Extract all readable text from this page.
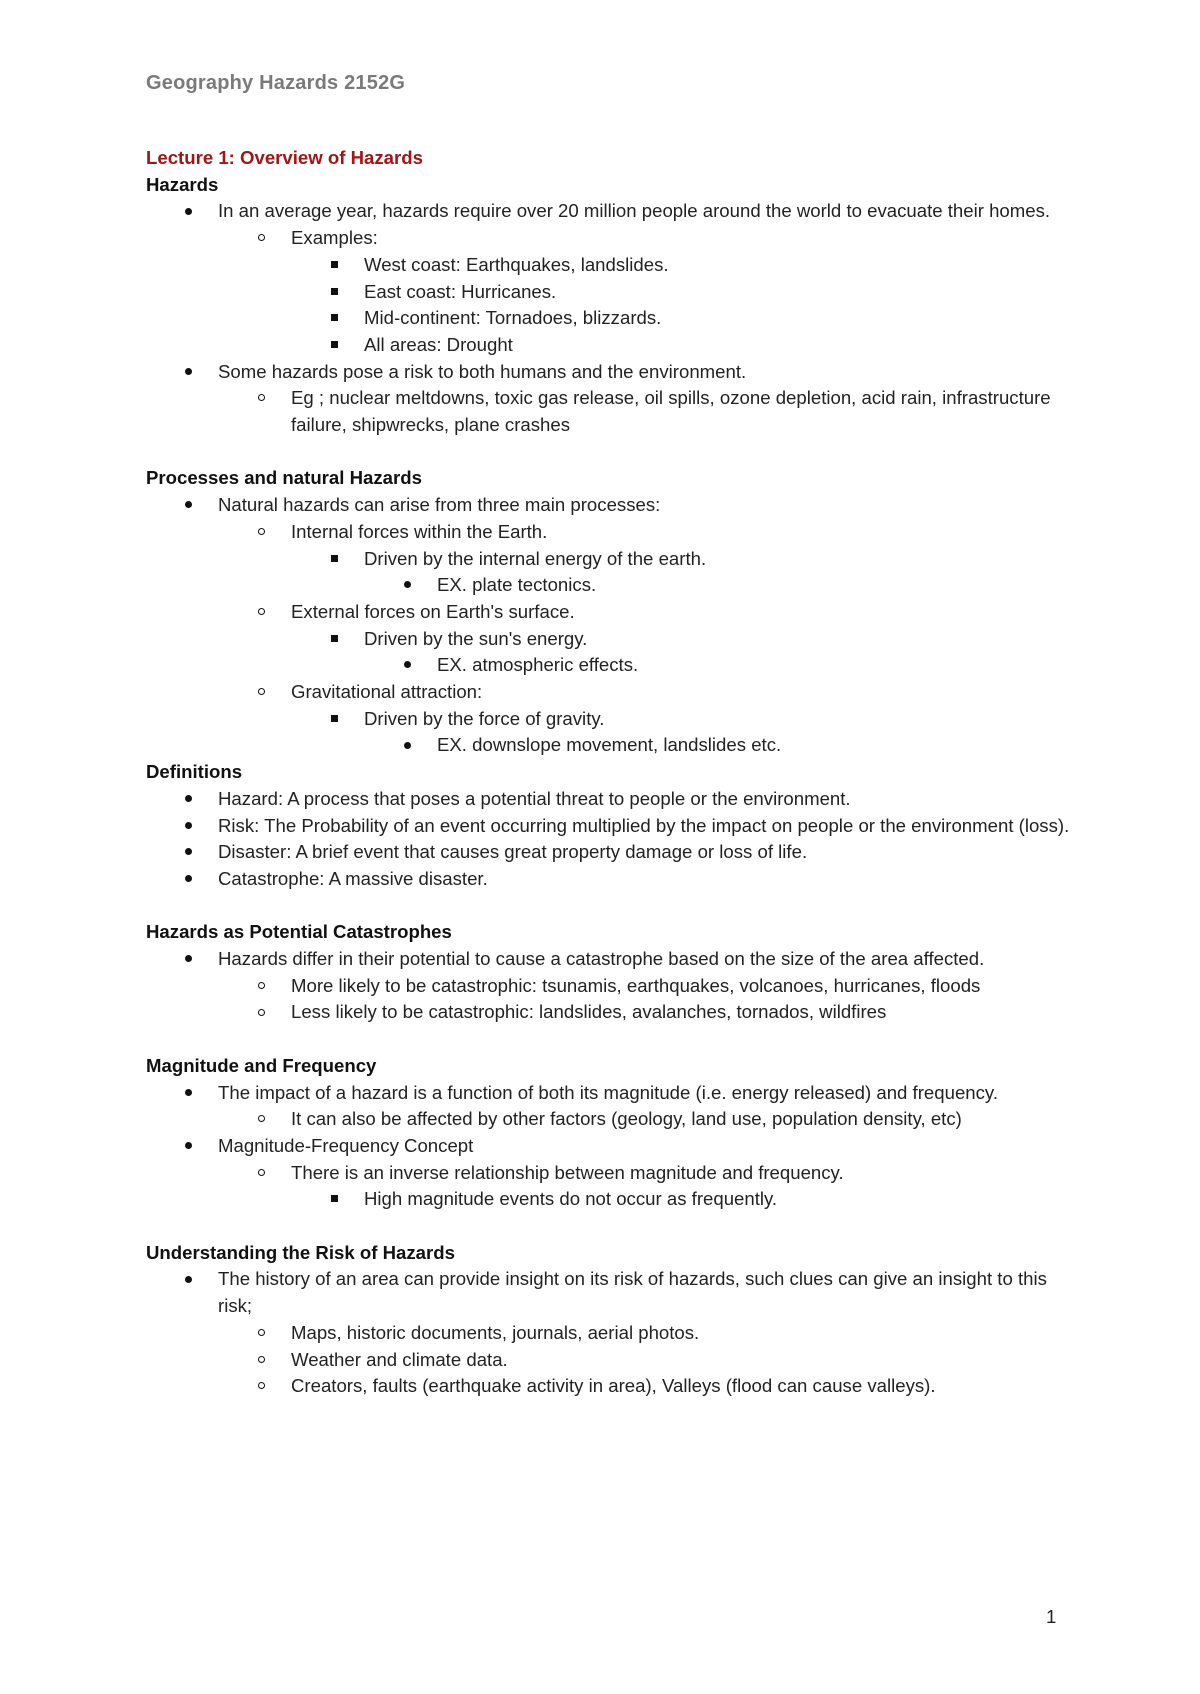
Geography Hazards 2152G
Lecture 1: Overview of Hazards
Hazards
In an average year, hazards require over 20 million people around the world to evacuate their homes.
Examples:
West coast: Earthquakes, landslides.
East coast: Hurricanes.
Mid-continent: Tornadoes, blizzards.
All areas: Drought
Some hazards pose a risk to both humans and the environment.
Eg ; nuclear meltdowns, toxic gas release, oil spills, ozone depletion, acid rain, infrastructure failure, shipwrecks, plane crashes
Processes and natural Hazards
Natural hazards can arise from three main processes:
Internal forces within the Earth.
Driven by the internal energy of the earth.
EX. plate tectonics.
External forces on Earth's surface.
Driven by the sun's energy.
EX. atmospheric effects.
Gravitational attraction:
Driven by the force of gravity.
EX. downslope movement, landslides etc.
Definitions
Hazard: A process that poses a potential threat to people or the environment.
Risk: The Probability of an event occurring multiplied by the impact on people or the environment (loss).
Disaster: A brief event that causes great property damage or loss of life.
Catastrophe: A massive disaster.
Hazards as Potential Catastrophes
Hazards differ in their potential to cause a catastrophe based on the size of the area affected.
More likely to be catastrophic: tsunamis, earthquakes, volcanoes, hurricanes, floods
Less likely to be catastrophic: landslides, avalanches, tornados, wildfires
Magnitude and Frequency
The impact of a hazard is a function of both its magnitude (i.e. energy released) and frequency.
It can also be affected by other factors (geology, land use, population density, etc)
Magnitude-Frequency Concept
There is an inverse relationship between magnitude and frequency.
High magnitude events do not occur as frequently.
Understanding the Risk of Hazards
The history of an area can provide insight on its risk of hazards, such clues can give an insight to this risk;
Maps, historic documents, journals, aerial photos.
Weather and climate data.
Creators, faults (earthquake activity in area), Valleys (flood can cause valleys).
1
